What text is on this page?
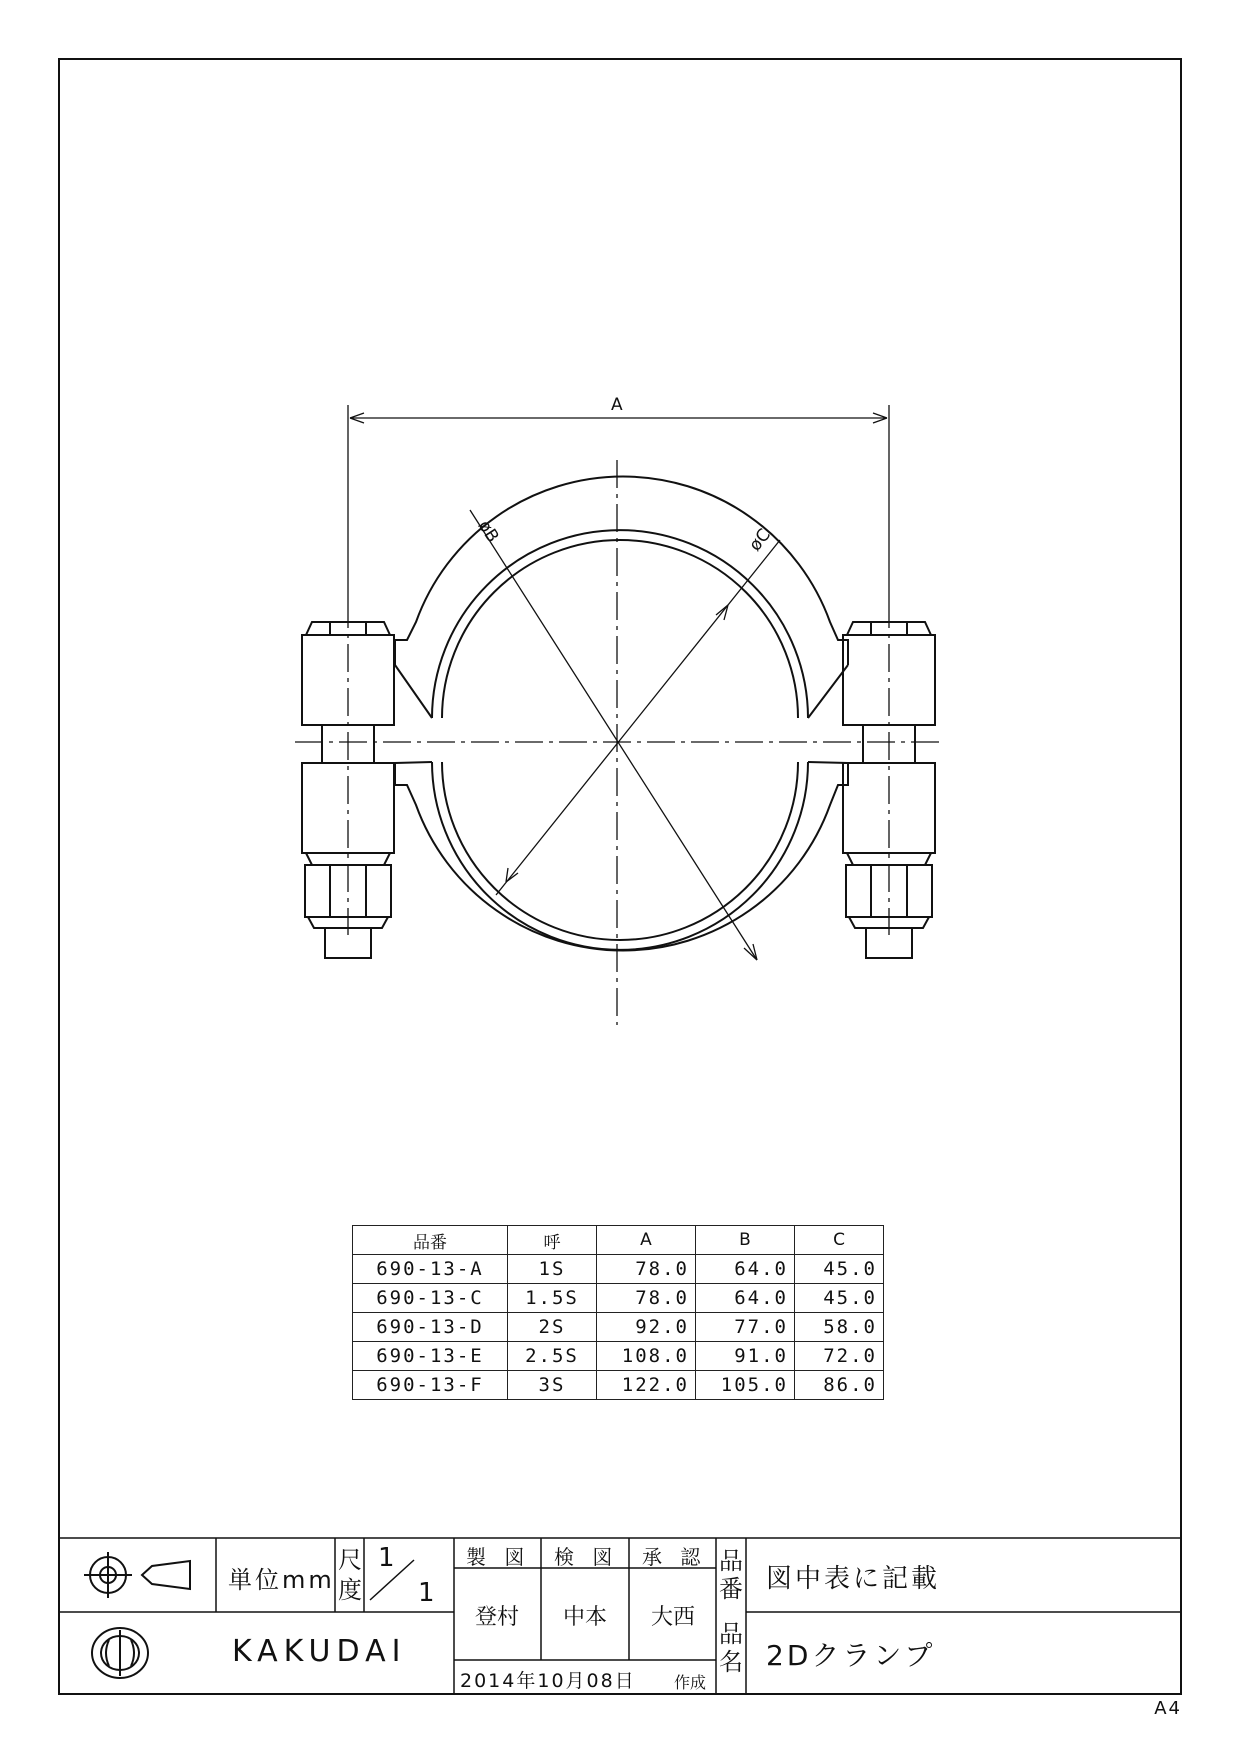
A
øB	øC
品番	呼	A	B	C
690-13-A	1S	78.0	64.0	45.0
690-13-C	1.5S	78.0	64.0	45.0
690-13-D	2S	92.0	77.0	58.0
690-13-E	2.5S	108.0	91.0	72.0
690-13-F	3S	122.0	105.0	86.0
単位mm
尺
度
1
1
KAKUDAI
製 図 検 図 承 認
登村 中本 大西
2014年10月08日 作成
品
番
品
名
図中表に記載
2Dクランプ
A4
